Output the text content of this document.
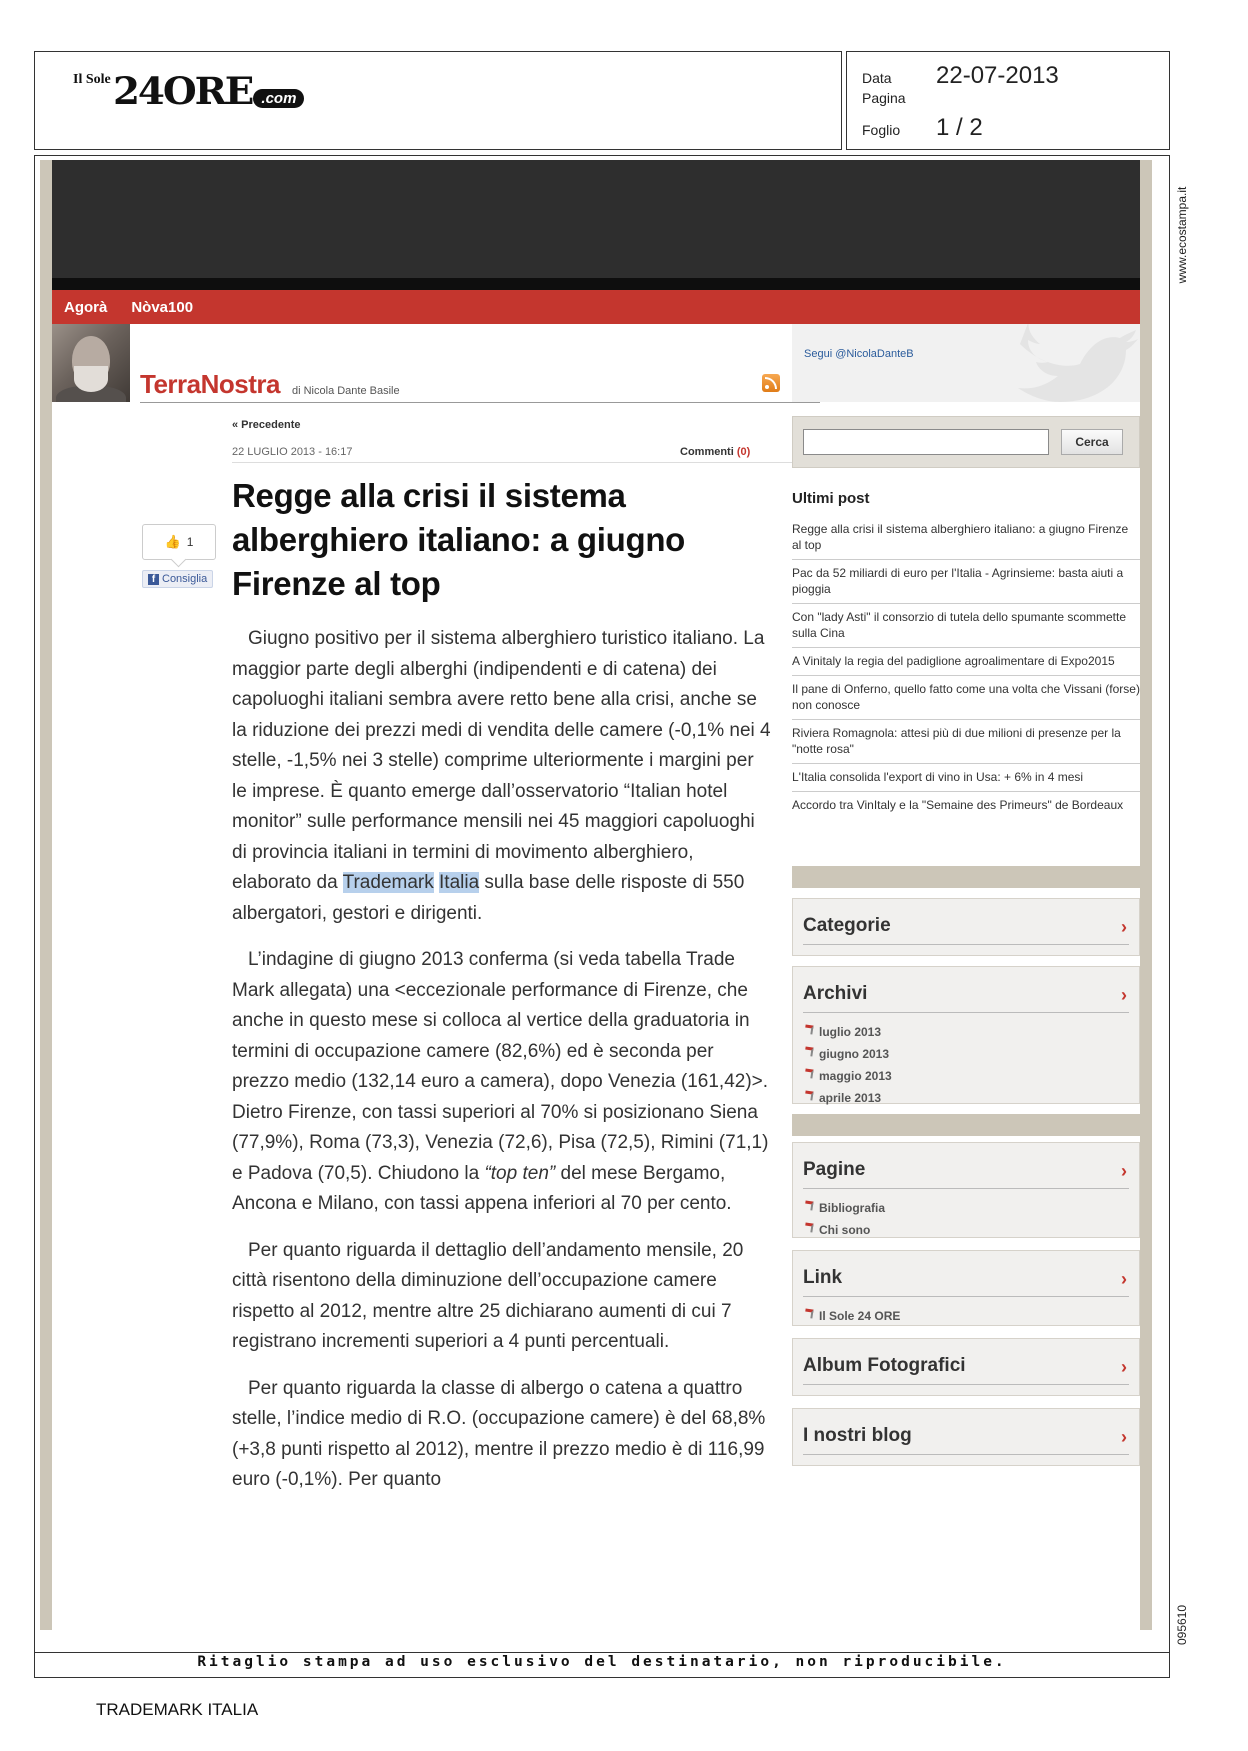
Il Sole 24ORE .com
Data	22-07-2013
Pagina
Foglio	1 / 2
www.ecostampa.it
095610
Agorà Nòva100
TerraNostra di Nicola Dante Basile
Segui @NicolaDanteB
« Precedente
22 LUGLIO 2013 - 16:17	Commenti (0)
Regge alla crisi il sistema alberghiero italiano: a giugno Firenze al top
👍 1
f Consiglia

Giugno positivo per il sistema alberghiero turistico italiano. La maggior parte degli alberghi (indipendenti e di catena) dei capoluoghi italiani sembra avere retto bene alla crisi, anche se la riduzione dei prezzi medi di vendita delle camere (-0,1% nei 4 stelle, -1,5% nei 3 stelle) comprime ulteriormente i margini per le imprese. È quanto emerge dall’osservatorio “Italian hotel monitor” sulle performance mensili nei 45 maggiori capoluoghi di provincia italiani in termini di movimento alberghiero, elaborato da Trademark Italia sulla base delle risposte di 550 albergatori, gestori e dirigenti.

L’indagine di giugno 2013 conferma (si veda tabella Trade Mark allegata) una <eccezionale performance di Firenze, che anche in questo mese si colloca al vertice della graduatoria in termini di occupazione camere (82,6%) ed è seconda per prezzo medio (132,14 euro a camera), dopo Venezia (161,42)>. Dietro Firenze, con tassi superiori al 70% si posizionano Siena (77,9%), Roma (73,3), Venezia (72,6), Pisa (72,5), Rimini (71,1) e Padova (70,5). Chiudono la “top ten” del mese Bergamo, Ancona e Milano, con tassi appena inferiori al 70 per cento.

Per quanto riguarda il dettaglio dell’andamento mensile, 20 città risentono della diminuzione dell’occupazione camere rispetto al 2012, mentre altre 25 dichiarano aumenti di cui 7 registrano incrementi superiori a 4 punti percentuali.

Per quanto riguarda la classe di albergo o catena a quattro stelle, l’indice medio di R.O. (occupazione camere) è del 68,8% (+3,8 punti rispetto al 2012), mentre il prezzo medio è di 116,99 euro (-0,1%). Per quanto

Cerca
Ultimi post
Regge alla crisi il sistema alberghiero italiano: a giugno Firenze al top
Pac da 52 miliardi di euro per l'Italia - Agrinsieme: basta aiuti a pioggia
Con "lady Asti" il consorzio di tutela dello spumante scommette sulla Cina
A Vinitaly la regia del padiglione agroalimentare di Expo2015
Il pane di Onferno, quello fatto come una volta che Vissani (forse) non conosce
Riviera Romagnola: attesi più di due milioni di presenze per la "notte rosa"
L'Italia consolida l'export di vino in Usa: + 6% in 4 mesi
Accordo tra VinItaly e la "Semaine des Primeurs" de Bordeaux
Categorie	›
Archivi	›
luglio 2013
giugno 2013
maggio 2013
aprile 2013
Pagine	›
Bibliografia
Chi sono
Link	›
Il Sole 24 ORE
Album Fotografici	›
I nostri blog	›
Ritaglio stampa ad uso esclusivo del destinatario, non riproducibile.
TRADEMARK ITALIA
